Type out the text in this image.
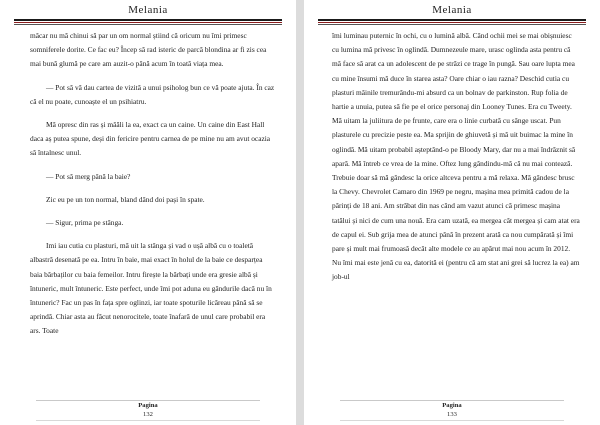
Melania

mâcar nu mă chinui să par un om normal știind că oricum nu îmi primesc somniferele dorite. Ce fac eu? Încep să rad isteric de parcă blondina ar fi zis cea mai bună glumă pe care am auzit-o până acum în toată viața mea.

— Pot să vă dau cartea de vizită a unui psiholog bun ce vă poate ajuta. În caz că el nu poate, cunoaște el un psihiatru.

Mă opresc din ras și mâăli la ea, exact ca un caine. Un caine din East Hall daca aș putea spune, deși din fericire pentru carnea de pe mine nu am avut ocazia să întalnesc unul.

— Pot să merg până la baie?

Zic eu pe un ton normal, bland dând doi pași în spate.

— Sigur, prima pe stânga.

Imi iau cutia cu plasturi, mă uit la stânga și vad o ușă albă cu o toaletă albastră desenată pe ea. Intru în baie, mai exact în holul de la baie ce desparțea baia bărbaților cu baia femeilor. Intru firește la bărbați unde era gresie albă și întuneric, mult întuneric. Este perfect, unde îmi pot aduna eu gândurile dacă nu în întuneric? Fac un pas în fața spre oglinzi, iar toate spoturile licăreau până să se aprindă. Chiar asta au făcut nenorocitele, toate înafară de unul care probabil era ars. Toate

Pagina
132
Melania

îmi luminau puternic în ochi, cu o lumină albă. Când ochii mei se mai obișnuiesc cu lumina mă privesc în oglindă. Dumnezeule mare, urasc oglinda asta pentru că mă face să arat ca un adolescent de pe străzi ce trage în pungă. Sau oare lupta mea cu mine însumi mă duce în starea asta? Oare chiar o iau razna? Deschid cutia cu plasturi mâinile tremurându-mi absurd ca un bolnav de parkinston. Rup folia de hartie a unuia, putea să fie pe el orice personaj din Looney Tunes. Era cu Tweety. Mă uitam la juliitura de pe frunte, care era o linie curbată cu sânge uscat. Pun plasturele cu precizie peste ea. Ma sprijin de ghiuvetă și mă uit buimac la mine în oglindă. Mă uitam probabil așteptând-o pe Bloody Mary, dar nu a mai îndrăznit să apară. Mă întreb ce vrea de la mine. Oftez lung gândindu-mă că nu mai contează. Trebuie doar să mă gândesc la orice altceva pentru a mă relaxa. Mă gândesc brusc la Chevy. Chevrolet Camaro din 1969 pe negru, mașina mea primită cadou de la părinți de 18 ani. Am străbat din nas când am vazut atunci că primesc mașina tatălui și nici de cum una nouă. Era cam uzată, ea mergea cât mergea și cam atat era de capul ei. Sub grija mea de atunci până în prezent arată ca nou cumpărată și îmi pare și mult mai frumoasă decât alte modele ce au apărut mai nou acum în 2012. Nu îmi mai este jenă cu ea, datorită ei (pentru că am stat ani grei să lucrez la ea) am job-ul

Pagina
133
